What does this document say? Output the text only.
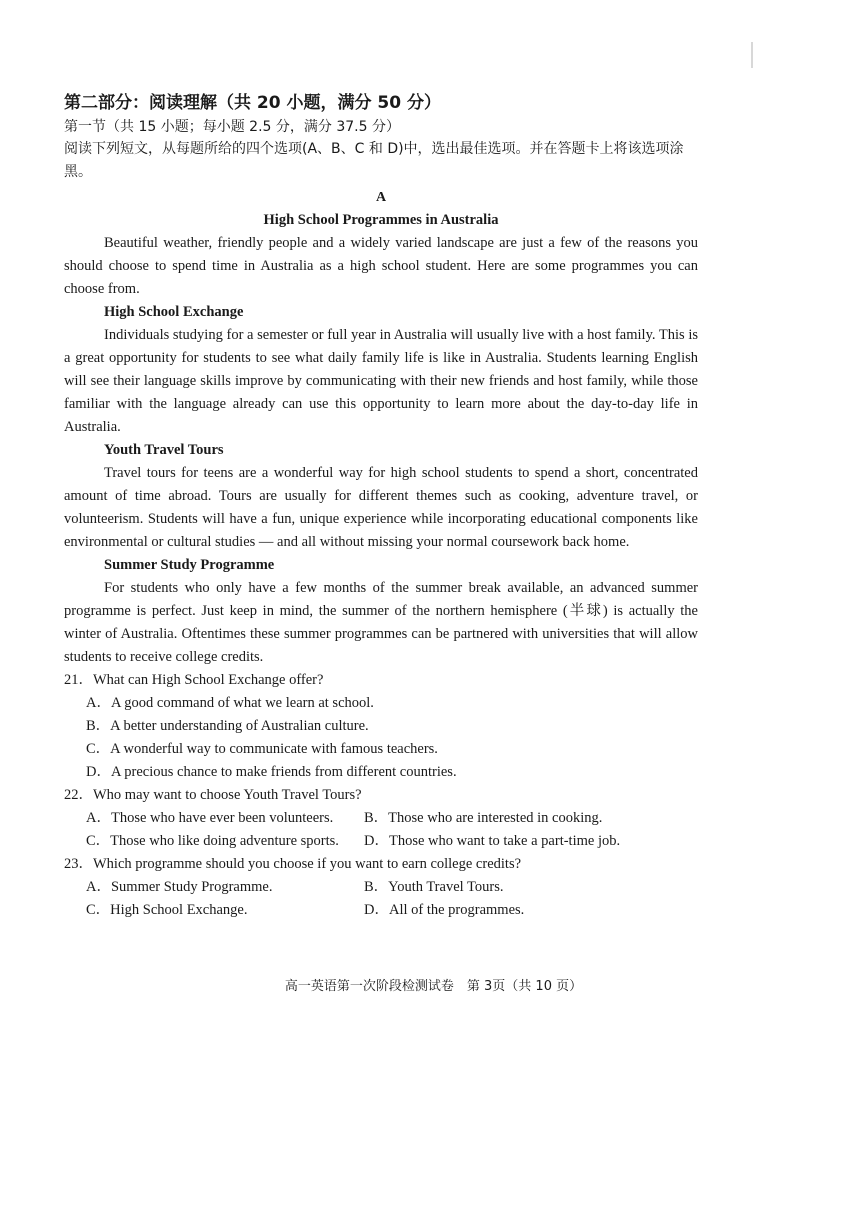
第二部分：阅读理解（共 20 小题，满分 50 分）

第一节（共 15 小题；每小题 2.5 分，满分 37.5 分）

阅读下列短文，从每题所给的四个选项(A、B、C 和 D)中，选出最佳选项。并在答题卡上将该选项涂黑。

A
High School Programmes in Australia

Beautiful weather, friendly people and a widely varied landscape are just a few of the reasons you should choose to spend time in Australia as a high school student. Here are some programmes you can choose from.

High School Exchange

Individuals studying for a semester or full year in Australia will usually live with a host family. This is a great opportunity for students to see what daily family life is like in Australia. Students learning English will see their language skills improve by communicating with their new friends and host family, while those familiar with the language already can use this opportunity to learn more about the day-to-day life in Australia.

Youth Travel Tours

Travel tours for teens are a wonderful way for high school students to spend a short, concentrated amount of time abroad. Tours are usually for different themes such as cooking, adventure travel, or volunteerism. Students will have a fun, unique experience while incorporating educational components like environmental or cultural studies — and all without missing your normal coursework back home.

Summer Study Programme

For students who only have a few months of the summer break available, an advanced summer programme is perfect. Just keep in mind, the summer of the northern hemisphere (半球) is actually the winter of Australia. Oftentimes these summer programmes can be partnered with universities that will allow students to receive college credits.

21．What can High School Exchange offer?

A．A good command of what we learn at school.

B．A better understanding of Australian culture.

C．A wonderful way to communicate with famous teachers.

D．A precious chance to make friends from different countries.

22．Who may want to choose Youth Travel Tours?

A．Those who have ever been volunteers.	B．Those who are interested in cooking.
C．Those who like doing adventure sports.	D．Those who want to take a part-time job.

23．Which programme should you choose if you want to earn college credits?

A．Summer Study Programme.	B．Youth Travel Tours.
C．High School Exchange.	D．All of the programmes.
高一英语第一次阶段检测试卷　第 3页（共 10 页）
